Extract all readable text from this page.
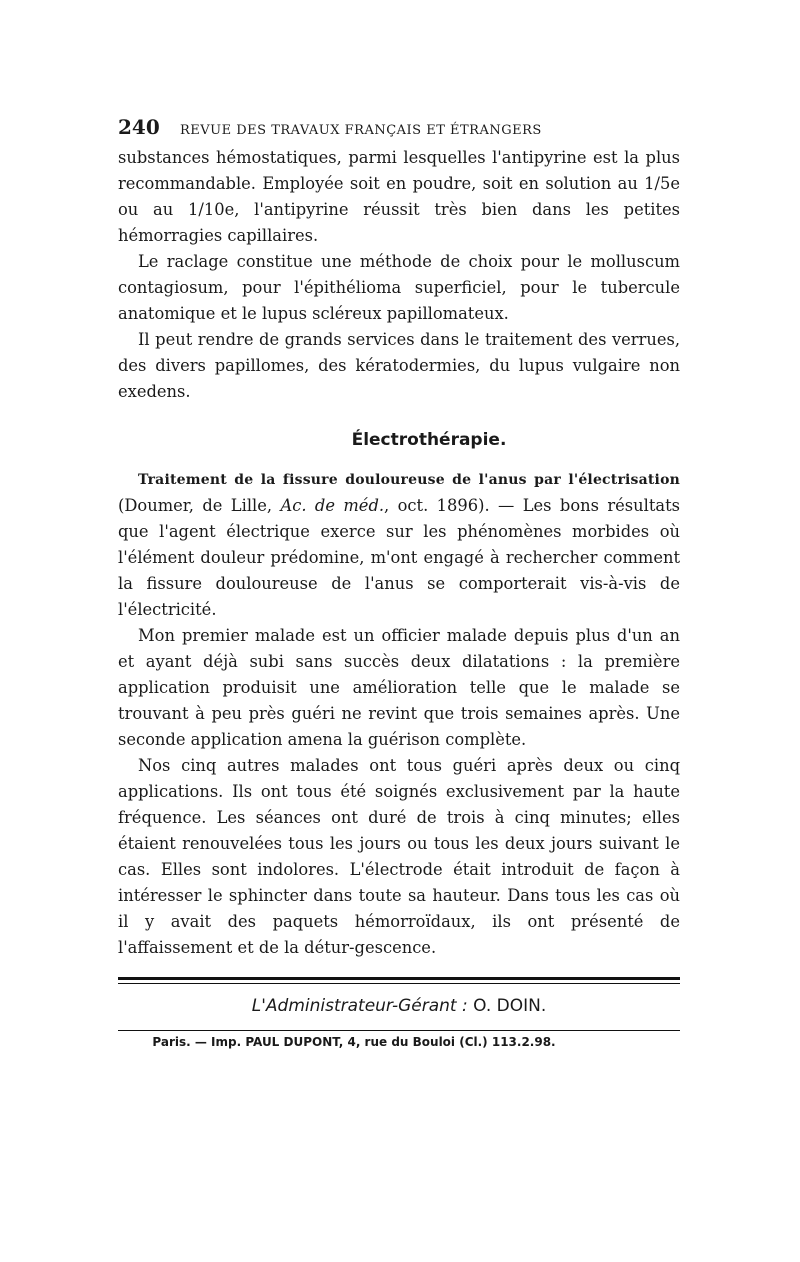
240	REVUE DES TRAVAUX FRANÇAIS ET ÉTRANGERS

substances hémostatiques, parmi lesquelles l'antipyrine est la plus recommandable. Employée soit en poudre, soit en solution au 1/5e ou au 1/10e, l'antipyrine réussit très bien dans les petites hémorragies capillaires.

Le raclage constitue une méthode de choix pour le molluscum contagiosum, pour l'épithélioma superficiel, pour le tubercule anatomique et le lupus scléreux papillomateux.

Il peut rendre de grands services dans le traitement des verrues, des divers papillomes, des kératodermies, du lupus vulgaire non exedens.

Électrothérapie.

Traitement de la fissure douloureuse de l'anus par l'électrisation (Doumer, de Lille, Ac. de méd., oct. 1896). — Les bons résultats que l'agent électrique exerce sur les phénomènes morbides où l'élément douleur prédomine, m'ont engagé à rechercher comment la fissure douloureuse de l'anus se comporterait vis-à-vis de l'électricité.

Mon premier malade est un officier malade depuis plus d'un an et ayant déjà subi sans succès deux dilatations : la première application produisit une amélioration telle que le malade se trouvant à peu près guéri ne revint que trois semaines après. Une seconde application amena la guérison complète.

Nos cinq autres malades ont tous guéri après deux ou cinq applications. Ils ont tous été soignés exclusivement par la haute fréquence. Les séances ont duré de trois à cinq minutes; elles étaient renouvelées tous les jours ou tous les deux jours suivant le cas. Elles sont indolores. L'électrode était introduit de façon à intéresser le sphincter dans toute sa hauteur. Dans tous les cas où il y avait des paquets hémorroïdaux, ils ont présenté de l'affaissement et de la détur-gescence.

L'Administrateur-Gérant : O. DOIN.
Paris. — Imp. PAUL DUPONT, 4, rue du Bouloi (Cl.) 113.2.98.
